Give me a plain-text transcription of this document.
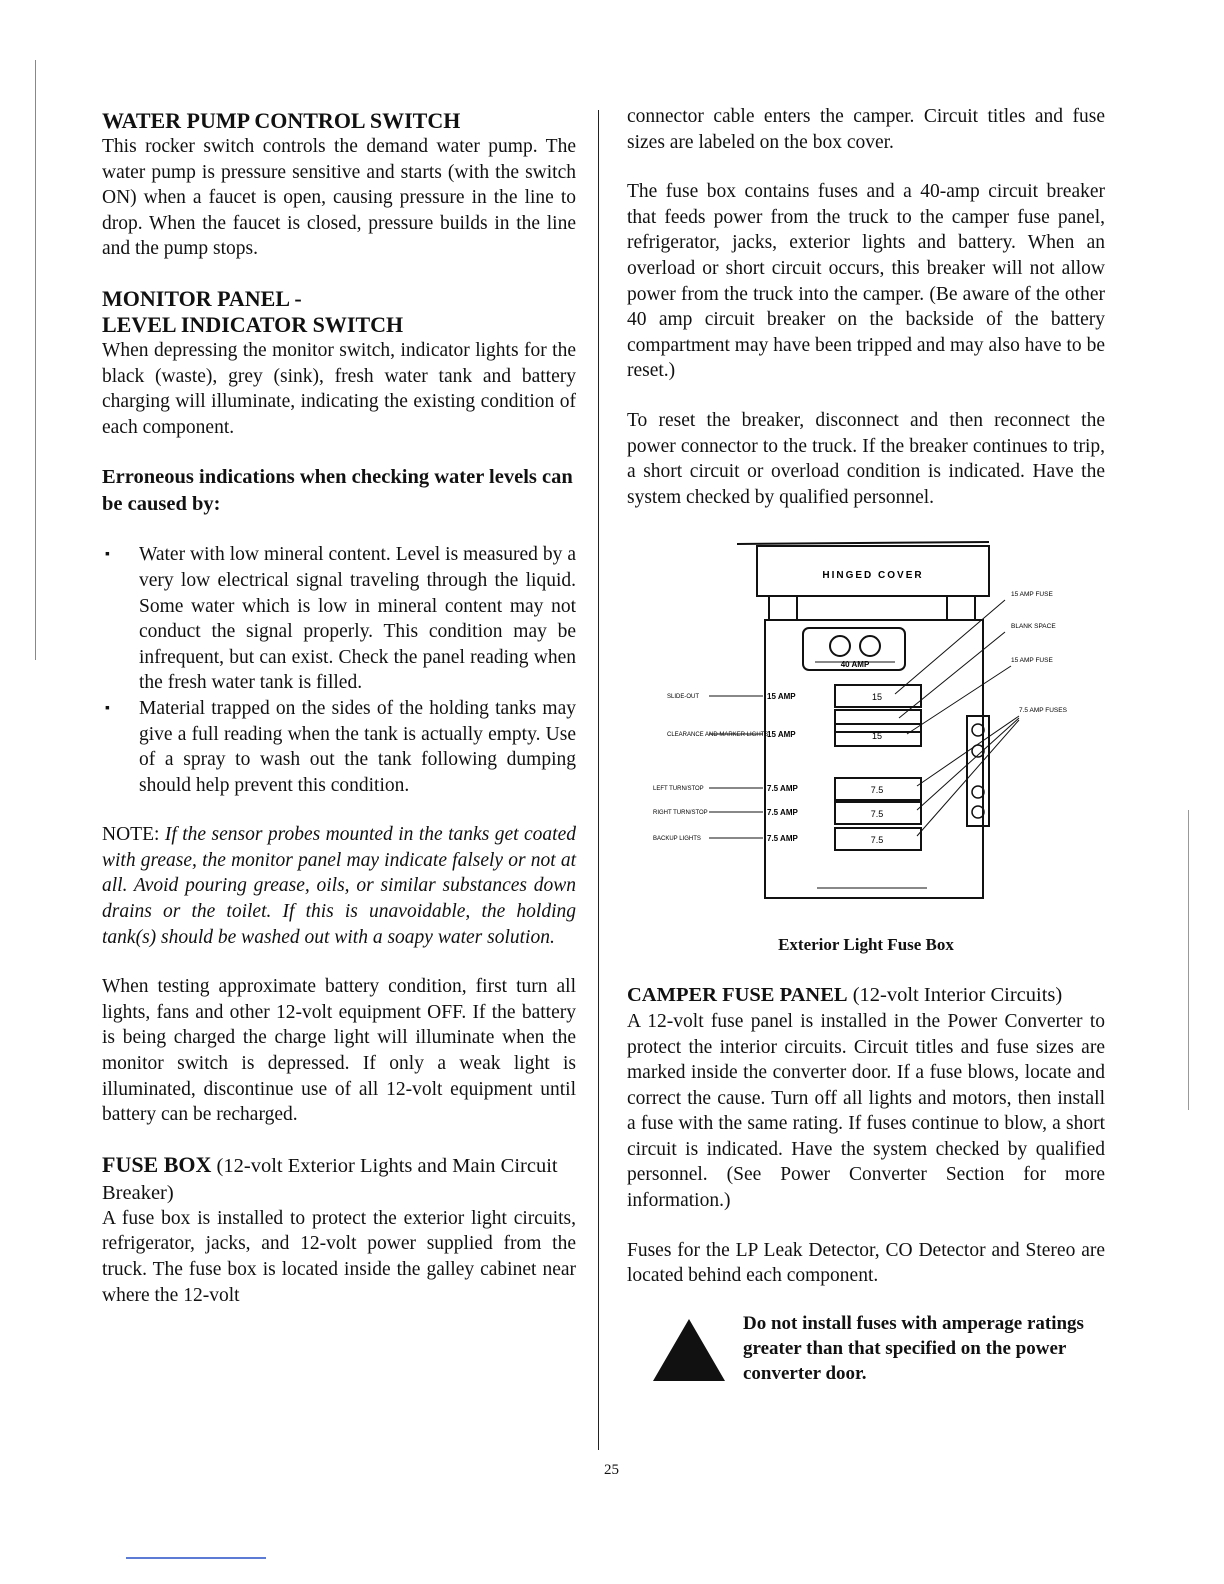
WATER PUMP CONTROL SWITCH

This rocker switch controls the demand water pump. The water pump is pressure sensitive and starts (with the switch ON) when a faucet is open, causing pressure in the line to drop. When the faucet is closed, pressure builds in the line and the pump stops.

MONITOR PANEL -
LEVEL INDICATOR SWITCH

When depressing the monitor switch, indicator lights for the black (waste), grey (sink), fresh water tank and battery charging will illuminate, indicating the existing condition of each component.

Erroneous indications when checking water levels can be caused by:
▪ Water with low mineral content. Level is measured by a very low electrical signal traveling through the liquid. Some water which is low in mineral content may not conduct the signal properly. This condition may be infrequent, but can exist. Check the panel reading when the fresh water tank is filled.
▪ Material trapped on the sides of the holding tanks may give a full reading when the tank is actually empty. Use of a spray to wash out the tank following dumping should help prevent this condition.

NOTE: If the sensor probes mounted in the tanks get coated with grease, the monitor panel may indicate falsely or not at all. Avoid pouring grease, oils, or similar substances down drains or the toilet. If this is unavoidable, the holding tank(s) should be washed out with a soapy water solution.

When testing approximate battery condition, first turn all lights, fans and other 12-volt equipment OFF. If the battery is being charged the charge light will illuminate when the monitor switch is depressed. If only a weak light is illuminated, discontinue use of all 12-volt equipment until battery can be recharged.

FUSE BOX (12-volt Exterior Lights and Main Circuit Breaker)

A fuse box is installed to protect the exterior light circuits, refrigerator, jacks, and 12-volt power supplied from the truck. The fuse box is located inside the galley cabinet near where the 12-volt

connector cable enters the camper. Circuit titles and fuse sizes are labeled on the box cover.

The fuse box contains fuses and a 40-amp circuit breaker that feeds power from the truck to the camper fuse panel, refrigerator, jacks, exterior lights and battery. When an overload or short circuit occurs, this breaker will not allow power from the truck into the camper. (Be aware of the other 40 amp circuit breaker on the backside of the battery compartment may have been tripped and may also have to be reset.)

To reset the breaker, disconnect and then reconnect the power connector to the truck. If the breaker continues to trip, a short circuit or overload condition is indicated. Have the system checked by qualified personnel.

HINGED COVER
40 AMP
SLIDE-OUT	15 AMP	15
CLEARANCE AND MARKER LIGHTS
15 AMP	15
LEFT TURN/STOP	7.5 AMP	7.5
RIGHT TURN/STOP	7.5 AMP	7.5
BACKUP LIGHTS	7.5 AMP	7.5
15 AMP FUSE
BLANK SPACE
15 AMP FUSE
7.5 AMP FUSES
Exterior Light Fuse Box
CAMPER FUSE PANEL (12-volt Interior Circuits)

A 12-volt fuse panel is installed in the Power Converter to protect the interior circuits. Circuit titles and fuse sizes are marked inside the converter door. If a fuse blows, locate and correct the cause. Turn off all lights and motors, then install a fuse with the same rating. If fuses continue to blow, a short circuit is indicated. Have the system checked by qualified personnel. (See Power Converter Section for more information.)

Fuses for the LP Leak Detector, CO Detector and Stereo are located behind each component.

Do not install fuses with amperage ratings greater than that specified on the power converter door.
25
